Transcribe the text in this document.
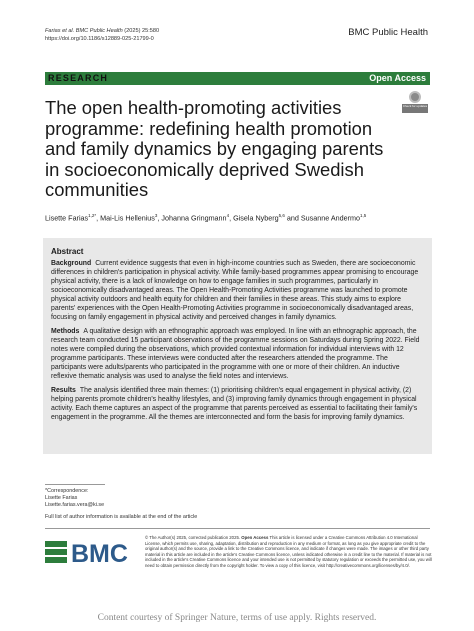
Farias et al. BMC Public Health (2025) 25:580
https://doi.org/10.1186/s12889-025-21799-0
BMC Public Health
RESEARCH	Open Access
Check for updates
The open health-promoting activities programme: redefining health promotion and family dynamics by engaging parents in socioeconomically deprived Swedish communities
Lisette Farias$^{1,2*}$, Mai-Lis Hellenius$^3$, Johanna Gringmann$^4$, Gisela Nyberg$^{5,6}$ and Susanne Andermo$^{1,5}$
Abstract

Background Current evidence suggests that even in high-income countries such as Sweden, there are socioeconomic differences in children's participation in physical activity. While family-based programmes appear promising to encourage physical activity, there is a lack of knowledge on how to engage families in such programmes, particularly in socioeconomically disadvantaged areas. The Open Health-Promoting Activities programme was launched to promote physical activity outdoors and health equity for children and their families in these areas. This study aims to explore parents' experiences with the Open Health-Promoting Activities programme in socioeconomically disadvantaged areas, focusing on family engagement in physical activity and perceived changes in family dynamics.

Methods A qualitative design with an ethnographic approach was employed. In line with an ethnographic approach, the research team conducted 15 participant observations of the programme sessions on Saturdays during Spring 2022. Field notes were compiled during the observations, which provided contextual information for individual interviews with 12 programme participants. These interviews were conducted after the researchers attended the programme. The participants were adults/parents who participated in the programme with one or more of their children. An inductive reflexive thematic analysis was used to analyse the field notes and interviews.

Results The analysis identified three main themes: (1) prioritising children's equal engagement in physical activity, (2) helping parents promote children's healthy lifestyles, and (3) improving family dynamics through engagement in physical activity. Each theme captures an aspect of the programme that parents perceived as essential to facilitating their family's engagement in the programme. All the themes are interconnected and form the basis for improving family dynamics.

*Correspondence:
Lisette Farias
Lisette.farias.vera@ki.se
Full list of author information is available at the end of the article
BMC
© The Author(s) 2025, corrected publication 2025. Open Access This article is licensed under a Creative Commons Attribution 4.0 International License, which permits use, sharing, adaptation, distribution and reproduction in any medium or format, as long as you give appropriate credit to the original author(s) and the source, provide a link to the Creative Commons licence, and indicate if changes were made. The images or other third party material in this article are included in the article's Creative Commons licence, unless indicated otherwise in a credit line to the material. If material is not included in the article's Creative Commons licence and your intended use is not permitted by statutory regulation or exceeds the permitted use, you will need to obtain permission directly from the copyright holder. To view a copy of this licence, visit http://creativecommons.org/licenses/by/4.0/.
Content courtesy of Springer Nature, terms of use apply. Rights reserved.
